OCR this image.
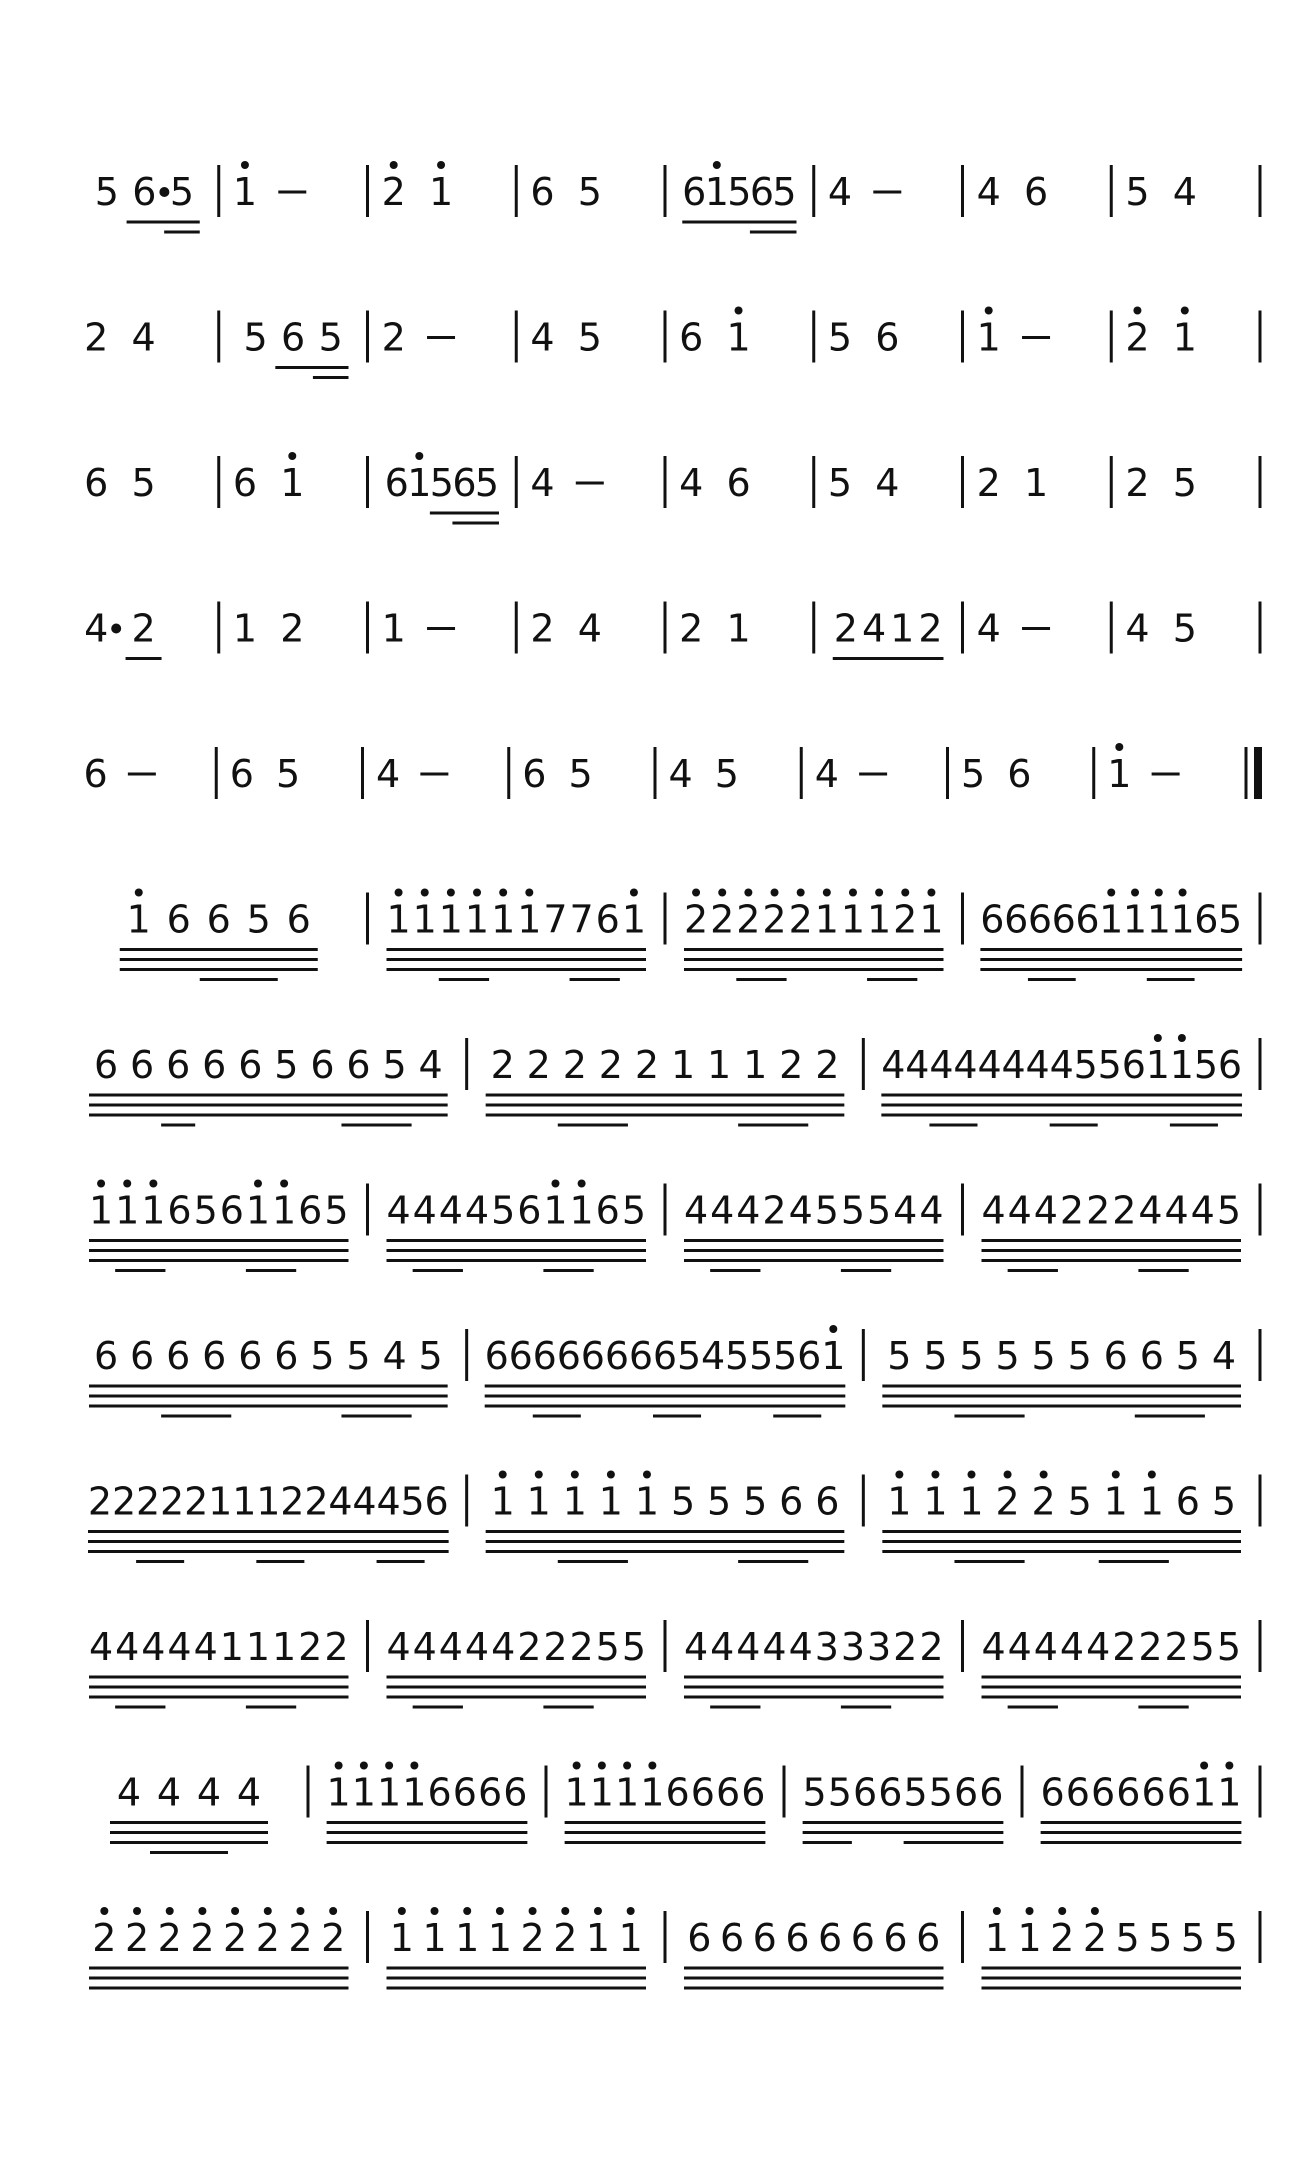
5 6 5 1	2 1 6 5 6
1
5
6
5 4	4 6 5 4
2 4 5 6 5 2	4 5 6 1 5 6 1	2 1
6 5 6 1 6
1
5
6
5 4	4 6 5 4 2 1 2 5
4 2 1 2 1	2 4 2 1 2 4 1 2 4	4 5
6	6 5 4	6 5 4 5 4	5 6 1
1 6 6 5 6 1 1 1 1 1 1 7 7 6 1 2 2 2 2 2 1 1 1 2 1 6 6 6 6 6 1 1 1 1 6 5
6 6 6 6 6 5 6 6 5 4 2 2 2 2 2 1 1 1 2 2 4 4 4 4 4 4 4 4 5 5 6 1 1 5 6
1 1 1 6 5 6 1 1 6 5 4 4 4 4 5 6 1 1 6 5 4 4 4 2 4 5 5 5 4 4 4 4 4 2 2 2 4 4 4 5
6 6 6 6 6 6 5 5 4 5 6 6 6 6 6 6 6 6 5 4 5 5 5 6 1 5 5 5 5 5 5 6 6 5 4
2 2 2 2 2 1 1 1 2 2 4 4 4 5 6 1 1 1 1 1 5 5 5 6 6 1 1 1 2 2 5 1 1 6 5
4 4 4 4 4 1 1 1 2 2 4 4 4 4 4 2 2 2 5 5 4 4 4 4 4 3 3 3 2 2 4 4 4 4 4 2 2 2 5 5
4 4 4 4 1 1 1 1 6 6 6 6 1 1 1 1 6 6 6 6 5 5 6 6 5 5 6 6 6 6 6 6 6 6 1 1
2 2 2 2 2 2 2 2 1 1 1 1 2 2 1 1 6 6 6 6 6 6 6 6 1 1 2 2 5 5 5 5
